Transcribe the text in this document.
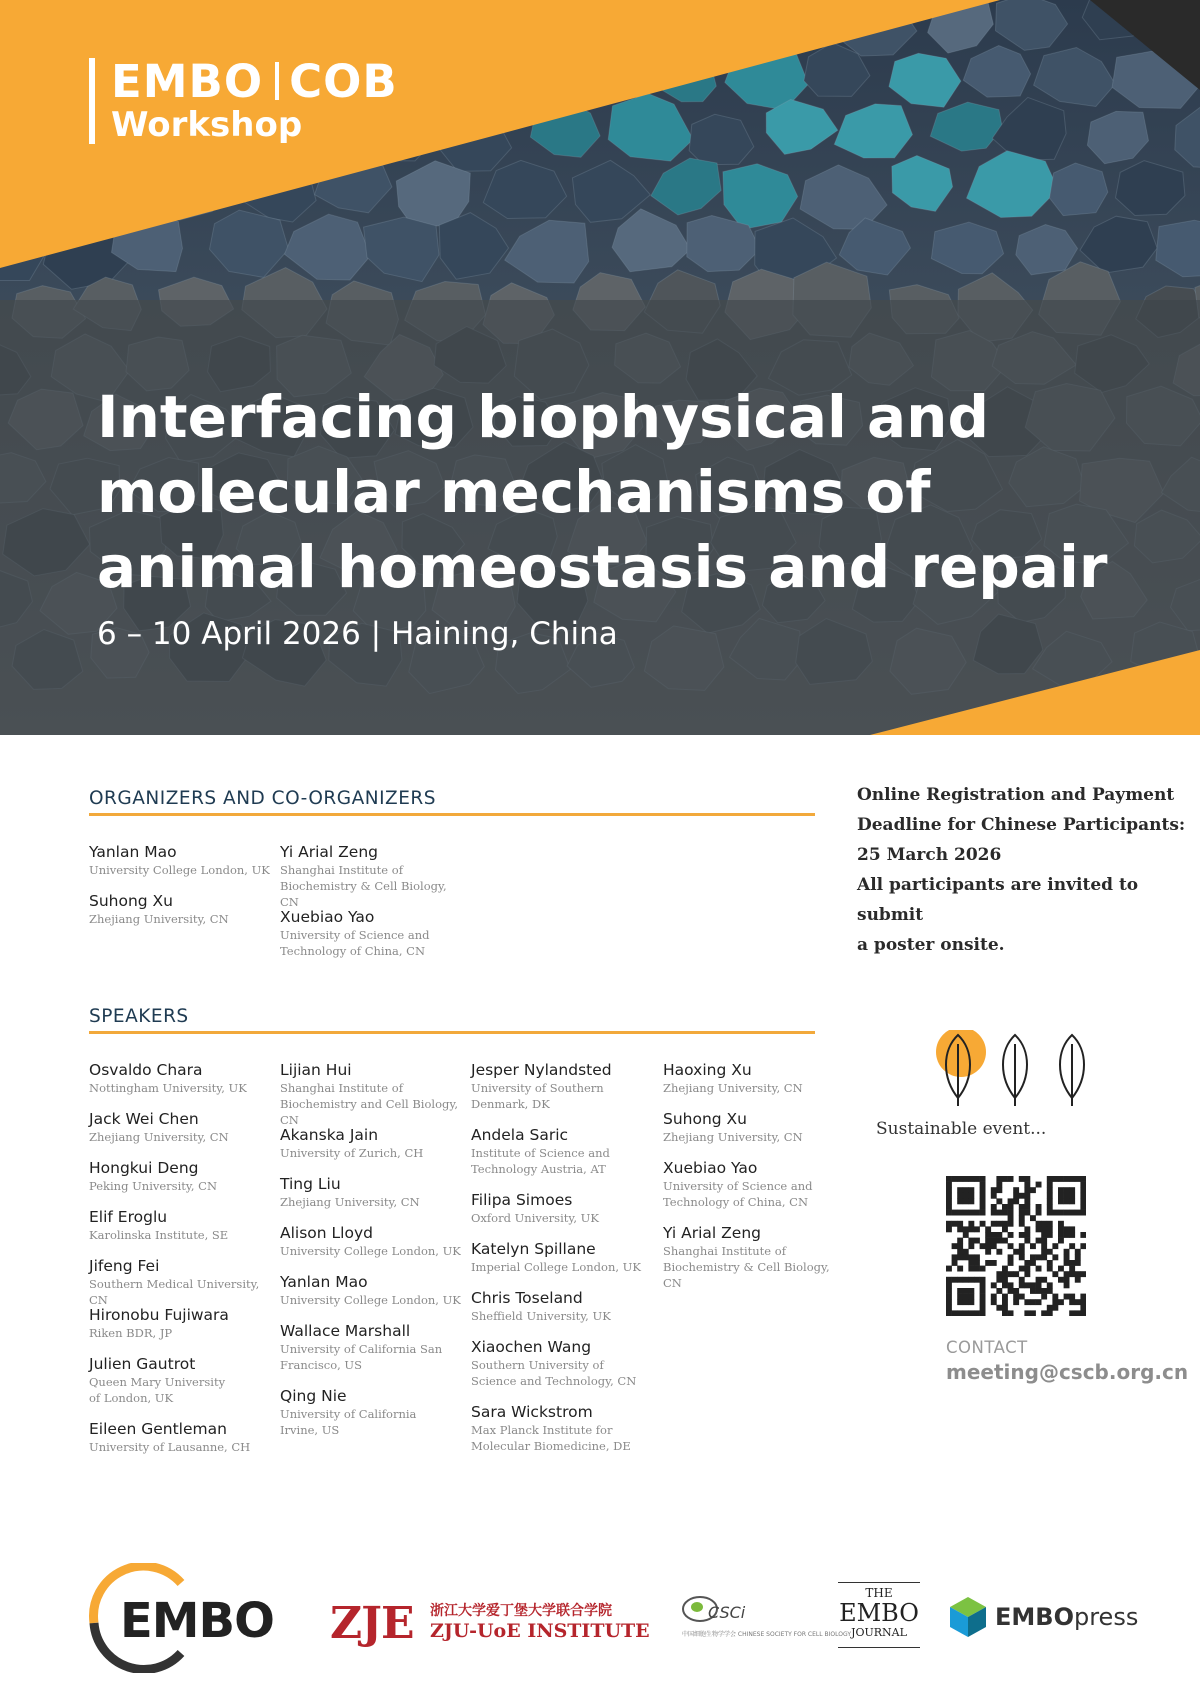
EMBO COB
Workshop
Interfacing biophysical and
molecular mechanisms of
animal homeostasis and repair
6 – 10 April 2026 | Haining, China
ORGANIZERS AND CO-ORGANIZERS
Yanlan Mao
University College London, UK
Suhong Xu
Zhejiang University, CN
Yi Arial Zeng
Shanghai Institute of Biochemistry & Cell Biology, CN
Xuebiao Yao
University of Science and Technology of China, CN
SPEAKERS
Osvaldo Chara
Nottingham University, UK
Jack Wei Chen
Zhejiang University, CN
Hongkui Deng
Peking University, CN
Elif Eroglu
Karolinska Institute, SE
Jifeng Fei
Southern Medical University, CN
Hironobu Fujiwara
Riken BDR, JP
Julien Gautrot
Queen Mary University of London, UK
Eileen Gentleman
University of Lausanne, CH
Lijian Hui
Shanghai Institute of Biochemistry and Cell Biology, CN
Akanska Jain
University of Zurich, CH
Ting Liu
Zhejiang University, CN
Alison Lloyd
University College London, UK
Yanlan Mao
University College London, UK
Wallace Marshall
University of California San Francisco, US
Qing Nie
University of California Irvine, US
Jesper Nylandsted
University of Southern Denmark, DK
Andela Saric
Institute of Science and Technology Austria, AT
Filipa Simoes
Oxford University, UK
Katelyn Spillane
Imperial College London, UK
Chris Toseland
Sheffield University, UK
Xiaochen Wang
Southern University of Science and Technology, CN
Sara Wickstrom
Max Planck Institute for Molecular Biomedicine, DE
Haoxing Xu
Zhejiang University, CN
Suhong Xu
Zhejiang University, CN
Xuebiao Yao
University of Science and Technology of China, CN
Yi Arial Zeng
Shanghai Institute of Biochemistry & Cell Biology, CN
Online Registration and Payment
Deadline for Chinese Participants:
25 March 2026
All participants are invited to submit
a poster onsite.
Sustainable event...
CONTACT
meeting@cscb.org.cn
EMBO ZJE 浙江大学爱丁堡大学联合学院
ZJU-UoE INSTITUTE
CSCi
中国细胞生物学学会 CHINESE SOCIETY FOR CELL BIOLOGY
THE
EMBO
JOURNAL
EMBOpress
